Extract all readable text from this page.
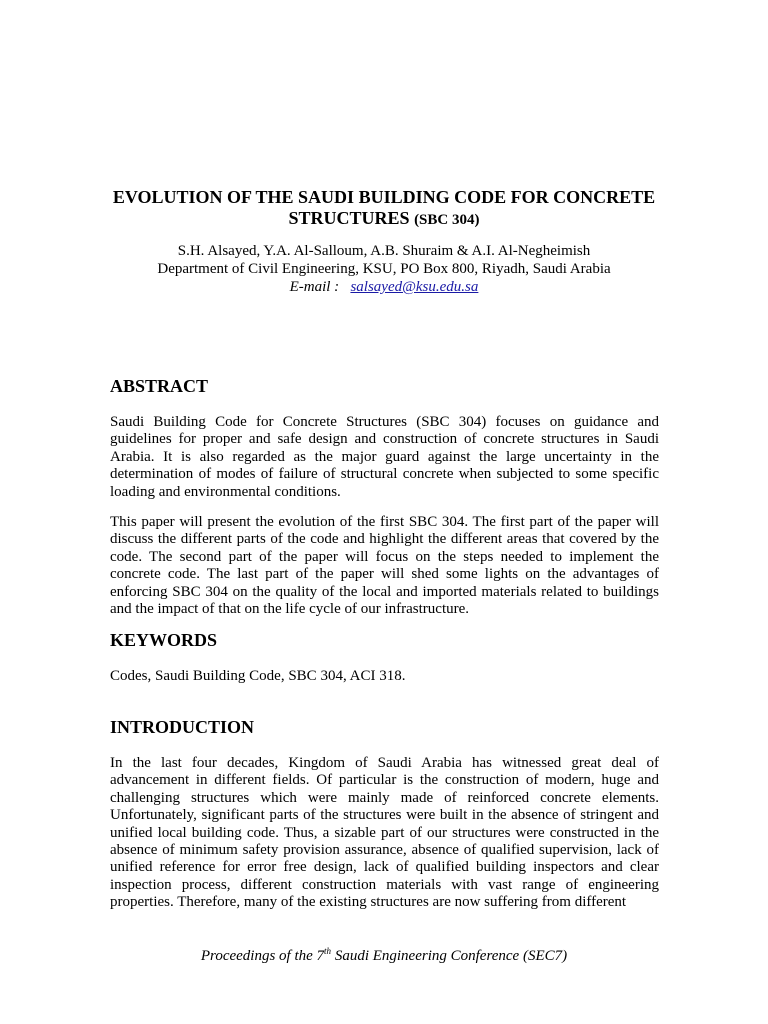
EVOLUTION OF THE SAUDI BUILDING CODE FOR CONCRETE
STRUCTURES (SBC 304)
S.H. Alsayed, Y.A. Al-Salloum, A.B. Shuraim & A.I. Al-Negheimish
Department of Civil Engineering, KSU, PO Box 800, Riyadh, Saudi Arabia
E-mail : salsayed@ksu.edu.sa
ABSTRACT

Saudi Building Code for Concrete Structures (SBC 304) focuses on guidance and guidelines for proper and safe design and construction of concrete structures in Saudi Arabia. It is also regarded as the major guard against the large uncertainty in the determination of modes of failure of structural concrete when subjected to some specific loading and environmental conditions.

This paper will present the evolution of the first SBC 304. The first part of the paper will discuss the different parts of the code and highlight the different areas that covered by the code. The second part of the paper will focus on the steps needed to implement the concrete code. The last part of the paper will shed some lights on the advantages of enforcing SBC 304 on the quality of the local and imported materials related to buildings and the impact of that on the life cycle of our infrastructure.

KEYWORDS

Codes, Saudi Building Code, SBC 304, ACI 318.

INTRODUCTION

In the last four decades, Kingdom of Saudi Arabia has witnessed great deal of advancement in different fields. Of particular is the construction of modern, huge and challenging structures which were mainly made of reinforced concrete elements. Unfortunately, significant parts of the structures were built in the absence of stringent and unified local building code. Thus, a sizable part of our structures were constructed in the absence of minimum safety provision assurance, absence of qualified supervision, lack of unified reference for error free design, lack of qualified building inspectors and clear inspection process, different construction materials with vast range of engineering properties. Therefore, many of the existing structures are now suffering from different

Proceedings of the 7th Saudi Engineering Conference (SEC7)
